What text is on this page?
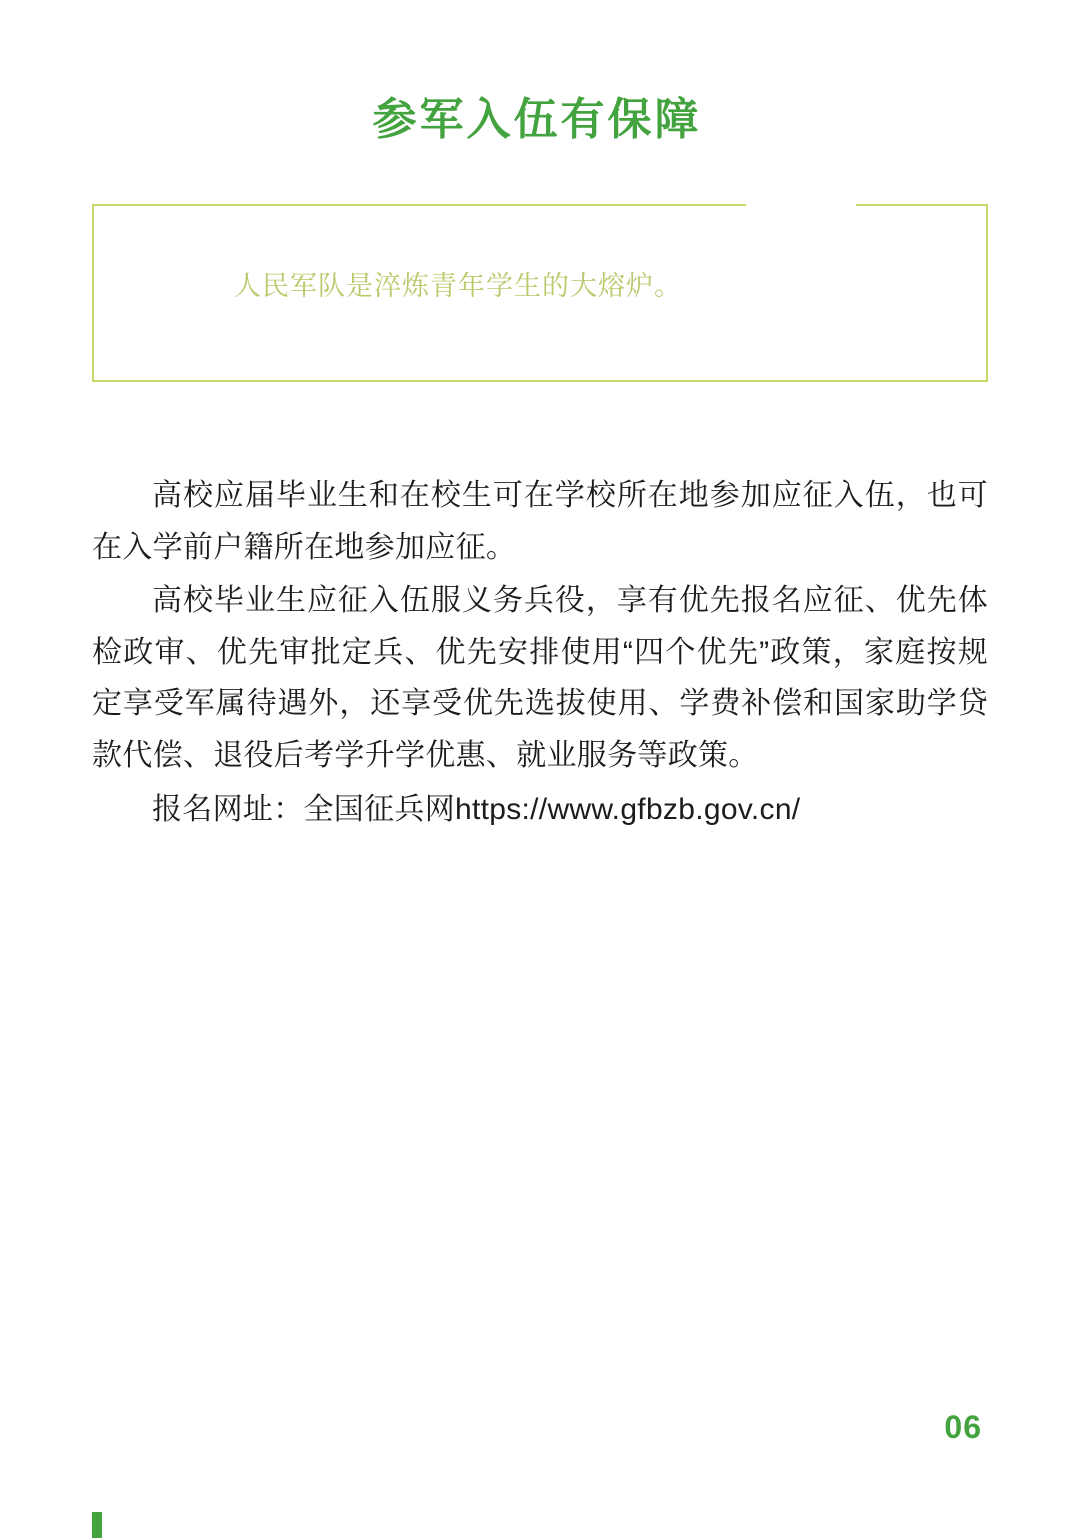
参军入伍有保障
人民军队是淬炼青年学生的大熔炉。

高校应届毕业生和在校生可在学校所在地参加应征入伍，也可在入学前户籍所在地参加应征。

高校毕业生应征入伍服义务兵役，享有优先报名应征、优先体检政审、优先审批定兵、优先安排使用“四个优先”政策，家庭按规定享受军属待遇外，还享受优先选拔使用、学费补偿和国家助学贷款代偿、退役后考学升学优惠、就业服务等政策。

报名网址：全国征兵网https://www.gfbzb.gov.cn/

06
